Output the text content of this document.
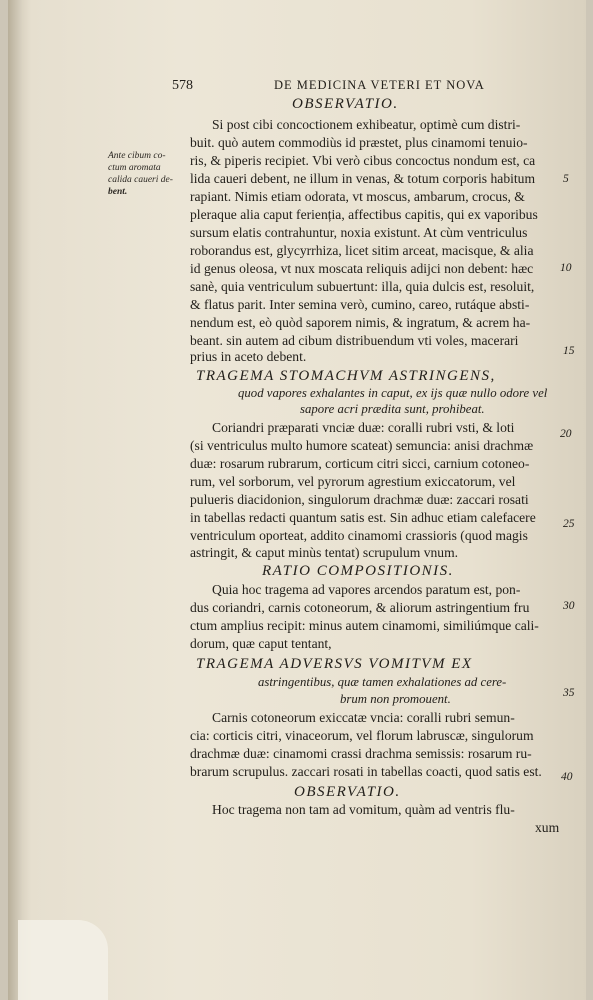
578	DE MEDICINA VETERI ET NOVA
Ante cibum co-
ctum aromata
calida caueri de-
bent.
OBSERVATIO.
TRAGEMA STOMACHVM ASTRINGENS,
quod vapores exhalantes in caput, ex ijs quæ nullo odore vel
sapore acri prædita sunt, prohibeat.
RATIO COMPOSITIONIS.
TRAGEMA ADVERSVS VOMITVM EX
astringentibus, quæ tamen exhalationes ad cere-
brum non promouent.
OBSERVATIO.
Si post cibi concoctionem exhibeatur, optimè cum distri-
buit. quò autem commodiùs id præstet, plus cinamomi tenuio-
ris, & piperis recipiet. Vbi verò cibus concoctus nondum est, ca
lida caueri debent, ne illum in venas, & totum corporis habitum
rapiant. Nimis etiam odorata, vt moscus, ambarum, crocus, &
pleraque alia caput ferienția, affectibus capitis, qui ex vaporibus
sursum elatis contrahuntur, noxia existunt. At cùm ventriculus
roborandus est, glycyrrhiza, licet sitim arceat, macisque, & alia
id genus oleosa, vt nux moscata reliquis adijci non debent: hæc
sanè, quia ventriculum subuertunt: illa, quia dulcis est, resoluit,
& flatus parit. Inter semina verò, cumino, careo, rutáque absti-
nendum est, eò quòd saporem nimis, & ingratum, & acrem ha-
beant. sin autem ad cibum distribuendum vti voles, macerari
prius in aceto debent.
Coriandri præparati vnciæ duæ: coralli rubri vsti, & loti
(si ventriculus multo humore scateat) semuncia: anisi drachmæ
duæ: rosarum rubrarum, corticum citri sicci, carnium cotoneo-
rum, vel sorborum, vel pyrorum agrestium exiccatorum, vel
pulueris diacidonion, singulorum drachmæ duæ: zaccari rosati
in tabellas redacti quantum satis est. Sin adhuc etiam calefacere
ventriculum oporteat, addito cinamomi crassioris (quod magis
astringit, & caput minùs tentat) scrupulum vnum.
Quia hoc tragema ad vapores arcendos paratum est, pon-
dus coriandri, carnis cotoneorum, & aliorum astringentium fru
ctum amplius recipit: minus autem cinamomi, similiúmque cali-
dorum, quæ caput tentant,
Carnis cotoneorum exiccatæ vncia: coralli rubri semun-
cia: corticis citri, vinaceorum, vel florum labruscæ, singulorum
drachmæ duæ: cinamomi crassi drachma semissis: rosarum ru-
brarum scrupulus. zaccari rosati in tabellas coacti, quod satis est.
Hoc tragema non tam ad vomitum, quàm ad ventris flu-
xum
5
10
15
20
25
30
35
40
